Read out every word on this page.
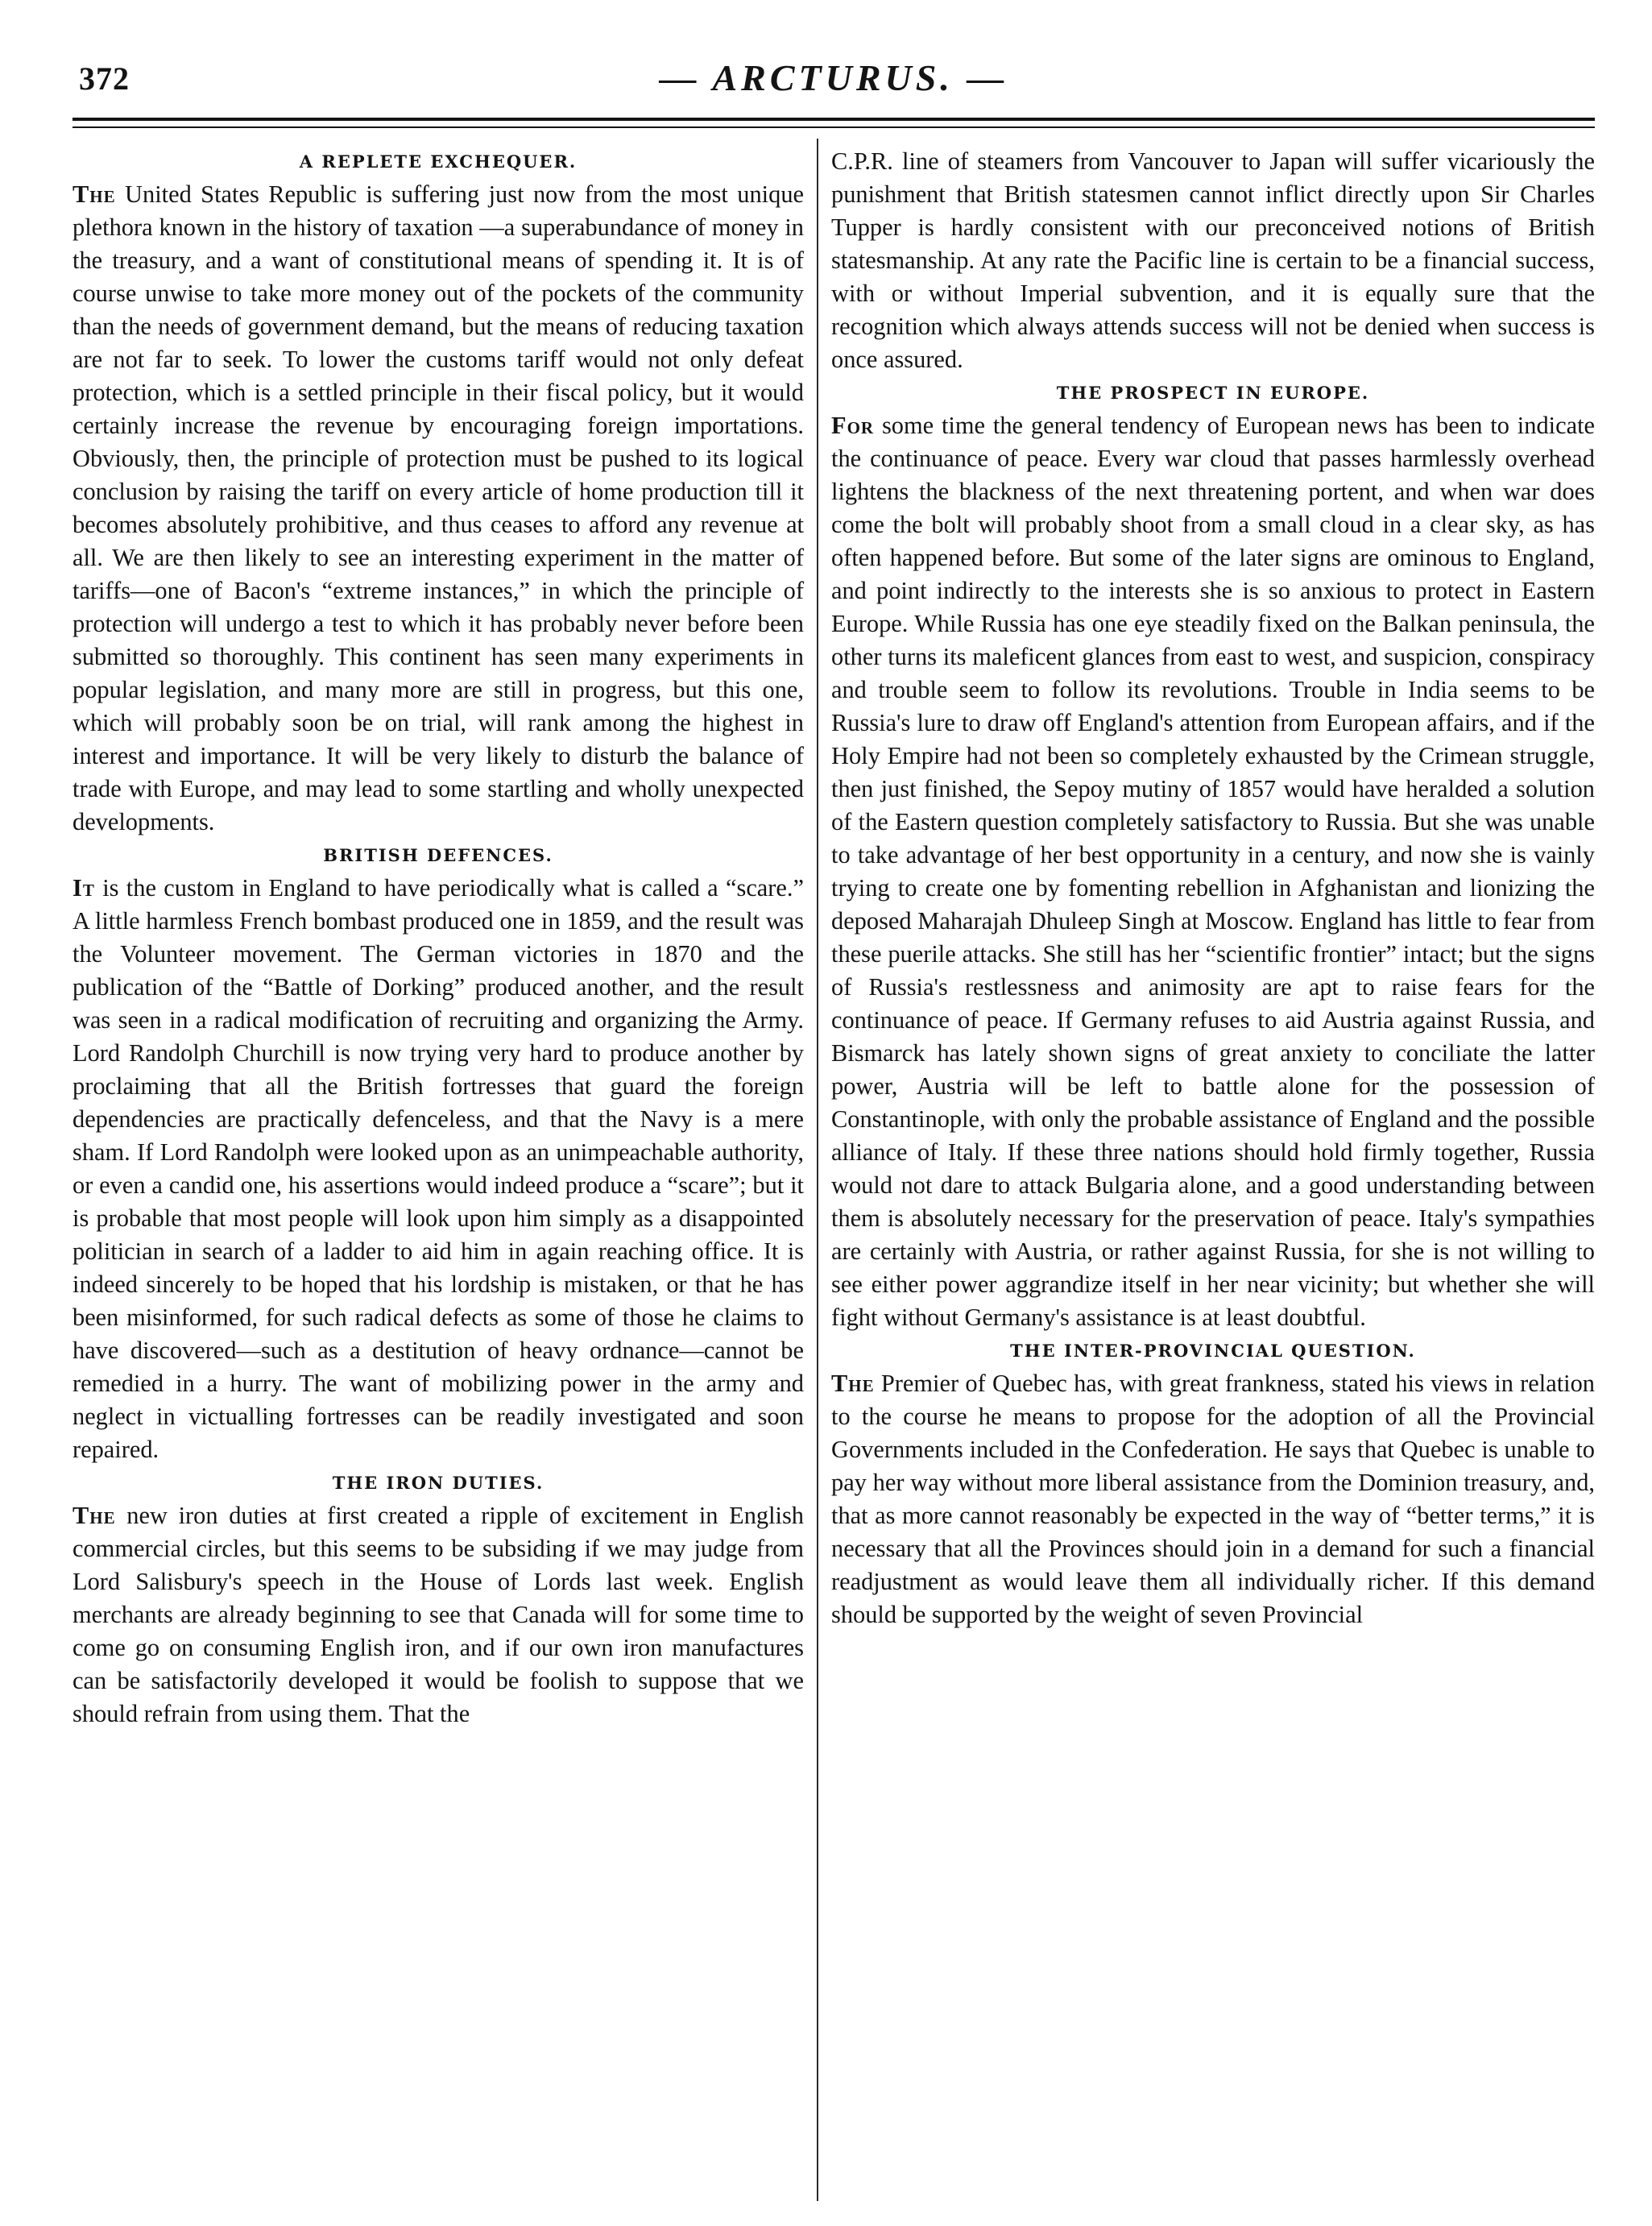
372	— ARCTURUS. —
A REPLETE EXCHEQUER.

The United States Republic is suffering just now from the most unique plethora known in the history of taxation —a superabundance of money in the treasury, and a want of constitutional means of spending it. It is of course unwise to take more money out of the pockets of the community than the needs of government demand, but the means of reducing taxation are not far to seek. To lower the customs tariff would not only defeat protection, which is a settled principle in their fiscal policy, but it would certainly increase the revenue by encouraging foreign importations. Obviously, then, the principle of protection must be pushed to its logical conclusion by raising the tariff on every article of home production till it becomes absolutely prohibitive, and thus ceases to afford any revenue at all. We are then likely to see an interesting experiment in the matter of tariffs—one of Bacon's “extreme instances,” in which the principle of protection will undergo a test to which it has probably never before been submitted so thoroughly. This continent has seen many experiments in popular legislation, and many more are still in progress, but this one, which will probably soon be on trial, will rank among the highest in interest and importance. It will be very likely to disturb the balance of trade with Europe, and may lead to some startling and wholly unexpected developments.

BRITISH DEFENCES.

It is the custom in England to have periodically what is called a “scare.” A little harmless French bombast produced one in 1859, and the result was the Volunteer movement. The German victories in 1870 and the publication of the “Battle of Dorking” produced another, and the result was seen in a radical modification of recruiting and organizing the Army. Lord Randolph Churchill is now trying very hard to produce another by proclaiming that all the British fortresses that guard the foreign dependencies are practically defenceless, and that the Navy is a mere sham. If Lord Randolph were looked upon as an unimpeachable authority, or even a candid one, his assertions would indeed produce a “scare”; but it is probable that most people will look upon him simply as a disappointed politician in search of a ladder to aid him in again reaching office. It is indeed sincerely to be hoped that his lordship is mistaken, or that he has been misinformed, for such radical defects as some of those he claims to have discovered—such as a destitution of heavy ordnance—cannot be remedied in a hurry. The want of mobilizing power in the army and neglect in victualling fortresses can be readily investigated and soon repaired.

THE IRON DUTIES.

The new iron duties at first created a ripple of excitement in English commercial circles, but this seems to be subsiding if we may judge from Lord Salisbury's speech in the House of Lords last week. English merchants are already beginning to see that Canada will for some time to come go on consuming English iron, and if our own iron manufactures can be satisfactorily developed it would be foolish to suppose that we should refrain from using them. That the

C.P.R. line of steamers from Vancouver to Japan will suffer vicariously the punishment that British statesmen cannot inflict directly upon Sir Charles Tupper is hardly consistent with our preconceived notions of British statesmanship. At any rate the Pacific line is certain to be a financial success, with or without Imperial subvention, and it is equally sure that the recognition which always attends success will not be denied when success is once assured.

THE PROSPECT IN EUROPE.

For some time the general tendency of European news has been to indicate the continuance of peace. Every war cloud that passes harmlessly overhead lightens the blackness of the next threatening portent, and when war does come the bolt will probably shoot from a small cloud in a clear sky, as has often happened before. But some of the later signs are ominous to England, and point indirectly to the interests she is so anxious to protect in Eastern Europe. While Russia has one eye steadily fixed on the Balkan peninsula, the other turns its maleficent glances from east to west, and suspicion, conspiracy and trouble seem to follow its revolutions. Trouble in India seems to be Russia's lure to draw off England's attention from European affairs, and if the Holy Empire had not been so completely exhausted by the Crimean struggle, then just finished, the Sepoy mutiny of 1857 would have heralded a solution of the Eastern question completely satisfactory to Russia. But she was unable to take advantage of her best opportunity in a century, and now she is vainly trying to create one by fomenting rebellion in Afghanistan and lionizing the deposed Maharajah Dhuleep Singh at Moscow. England has little to fear from these puerile attacks. She still has her “scientific frontier” intact; but the signs of Russia's restlessness and animosity are apt to raise fears for the continuance of peace. If Germany refuses to aid Austria against Russia, and Bismarck has lately shown signs of great anxiety to conciliate the latter power, Austria will be left to battle alone for the possession of Constantinople, with only the probable assistance of England and the possible alliance of Italy. If these three nations should hold firmly together, Russia would not dare to attack Bulgaria alone, and a good understanding between them is absolutely necessary for the preservation of peace. Italy's sympathies are certainly with Austria, or rather against Russia, for she is not willing to see either power aggrandize itself in her near vicinity; but whether she will fight without Germany's assistance is at least doubtful.

THE INTER-PROVINCIAL QUESTION.

The Premier of Quebec has, with great frankness, stated his views in relation to the course he means to propose for the adoption of all the Provincial Governments included in the Confederation. He says that Quebec is unable to pay her way without more liberal assistance from the Dominion treasury, and, that as more cannot reasonably be expected in the way of “better terms,” it is necessary that all the Provinces should join in a demand for such a financial readjustment as would leave them all individually richer. If this demand should be supported by the weight of seven Provincial
